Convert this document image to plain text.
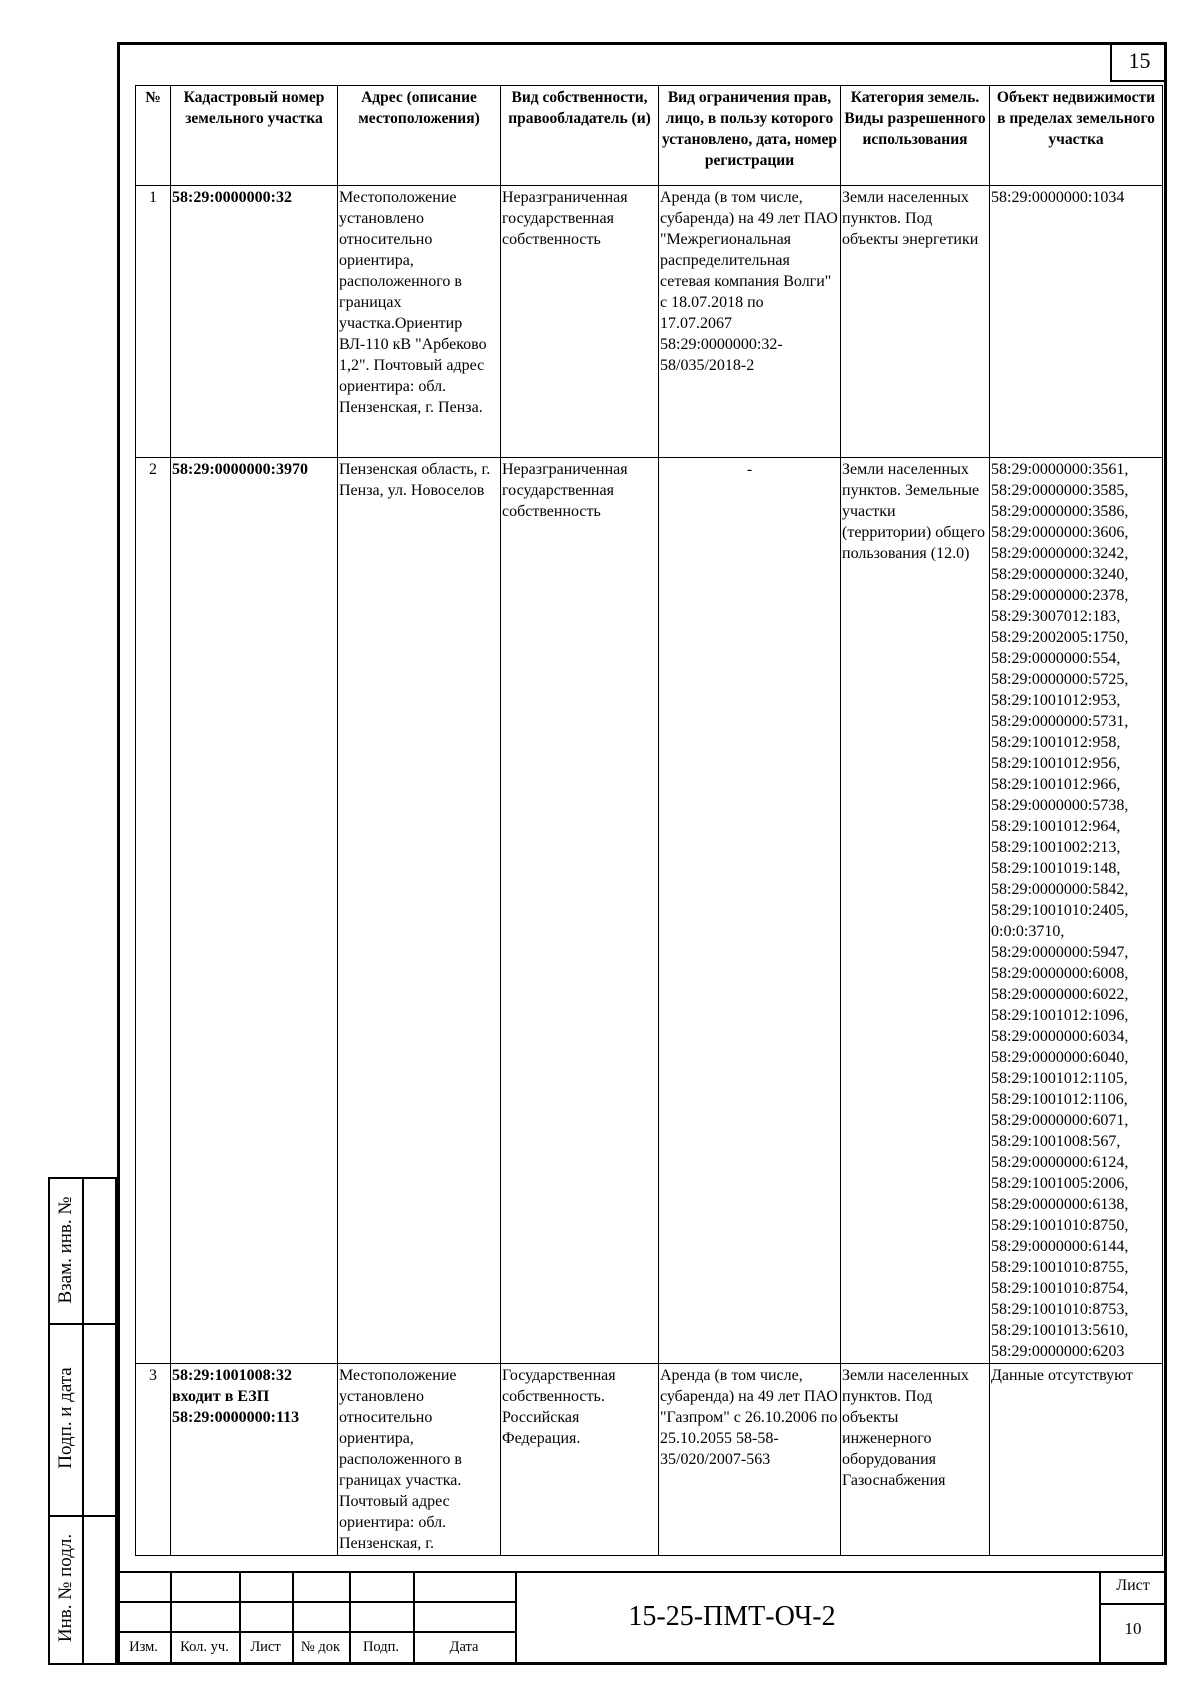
15
№	Кадастровый номер земельного участка	Адрес (описание местоположения)	Вид собственности, правообладатель (и)	Вид ограничения прав, лицо, в пользу которого установлено, дата, номер регистрации	Категория земель. Виды разрешенного использования	Объект недвижимости в пределах земельного участка
1	58:29:0000000:32	Местоположение установлено относительно ориентира, расположенного в границах участка.Ориентир ВЛ-110 кВ "Арбеково 1,2". Почтовый адрес ориентира: обл. Пензенская, г. Пенза.	Неразграниченная государственная собственность	Аренда (в том числе, субаренда) на 49 лет ПАО "Межрегиональная распределительная сетевая компания Волги" с 18.07.2018 по 17.07.2067 58:29:0000000:32-58/035/2018-2	Земли населенных пунктов. Под объекты энергетики	58:29:0000000:1034
2	58:29:0000000:3970	Пензенская область, г. Пенза, ул. Новоселов	Неразграниченная государственная собственность	-	Земли населенных пунктов. Земельные участки (территории) общего пользования (12.0)	58:29:0000000:3561, 58:29:0000000:3585, 58:29:0000000:3586, 58:29:0000000:3606, 58:29:0000000:3242, 58:29:0000000:3240, 58:29:0000000:2378, 58:29:3007012:183, 58:29:2002005:1750, 58:29:0000000:554, 58:29:0000000:5725, 58:29:1001012:953, 58:29:0000000:5731, 58:29:1001012:958, 58:29:1001012:956, 58:29:1001012:966, 58:29:0000000:5738, 58:29:1001012:964, 58:29:1001002:213, 58:29:1001019:148, 58:29:0000000:5842, 58:29:1001010:2405, 0:0:0:3710, 58:29:0000000:5947, 58:29:0000000:6008, 58:29:0000000:6022, 58:29:1001012:1096, 58:29:0000000:6034, 58:29:0000000:6040, 58:29:1001012:1105, 58:29:1001012:1106, 58:29:0000000:6071, 58:29:1001008:567, 58:29:0000000:6124, 58:29:1001005:2006, 58:29:0000000:6138, 58:29:1001010:8750, 58:29:0000000:6144, 58:29:1001010:8755, 58:29:1001010:8754, 58:29:1001010:8753, 58:29:1001013:5610, 58:29:0000000:6203
3	58:29:1001008:32 входит в ЕЗП 58:29:0000000:113	Местоположение установлено относительно ориентира, расположенного в границах участка. Почтовый адрес ориентира: обл. Пензенская, г.	Государственная собственность. Российская Федерация.	Аренда (в том числе, субаренда) на 49 лет ПАО "Газпром" с 26.10.2006 по 25.10.2055 58-58-35/020/2007-563	Земли населенных пунктов. Под объекты инженерного оборудования Газоснабжения	Данные отсутствуют
Взам. инв. №
Подп. и дата
Инв. № подл.
Изм.	Кол. уч.	Лист	№ док	Подп.	Дата
15-25-ПМТ-ОЧ-2
Лист
10
